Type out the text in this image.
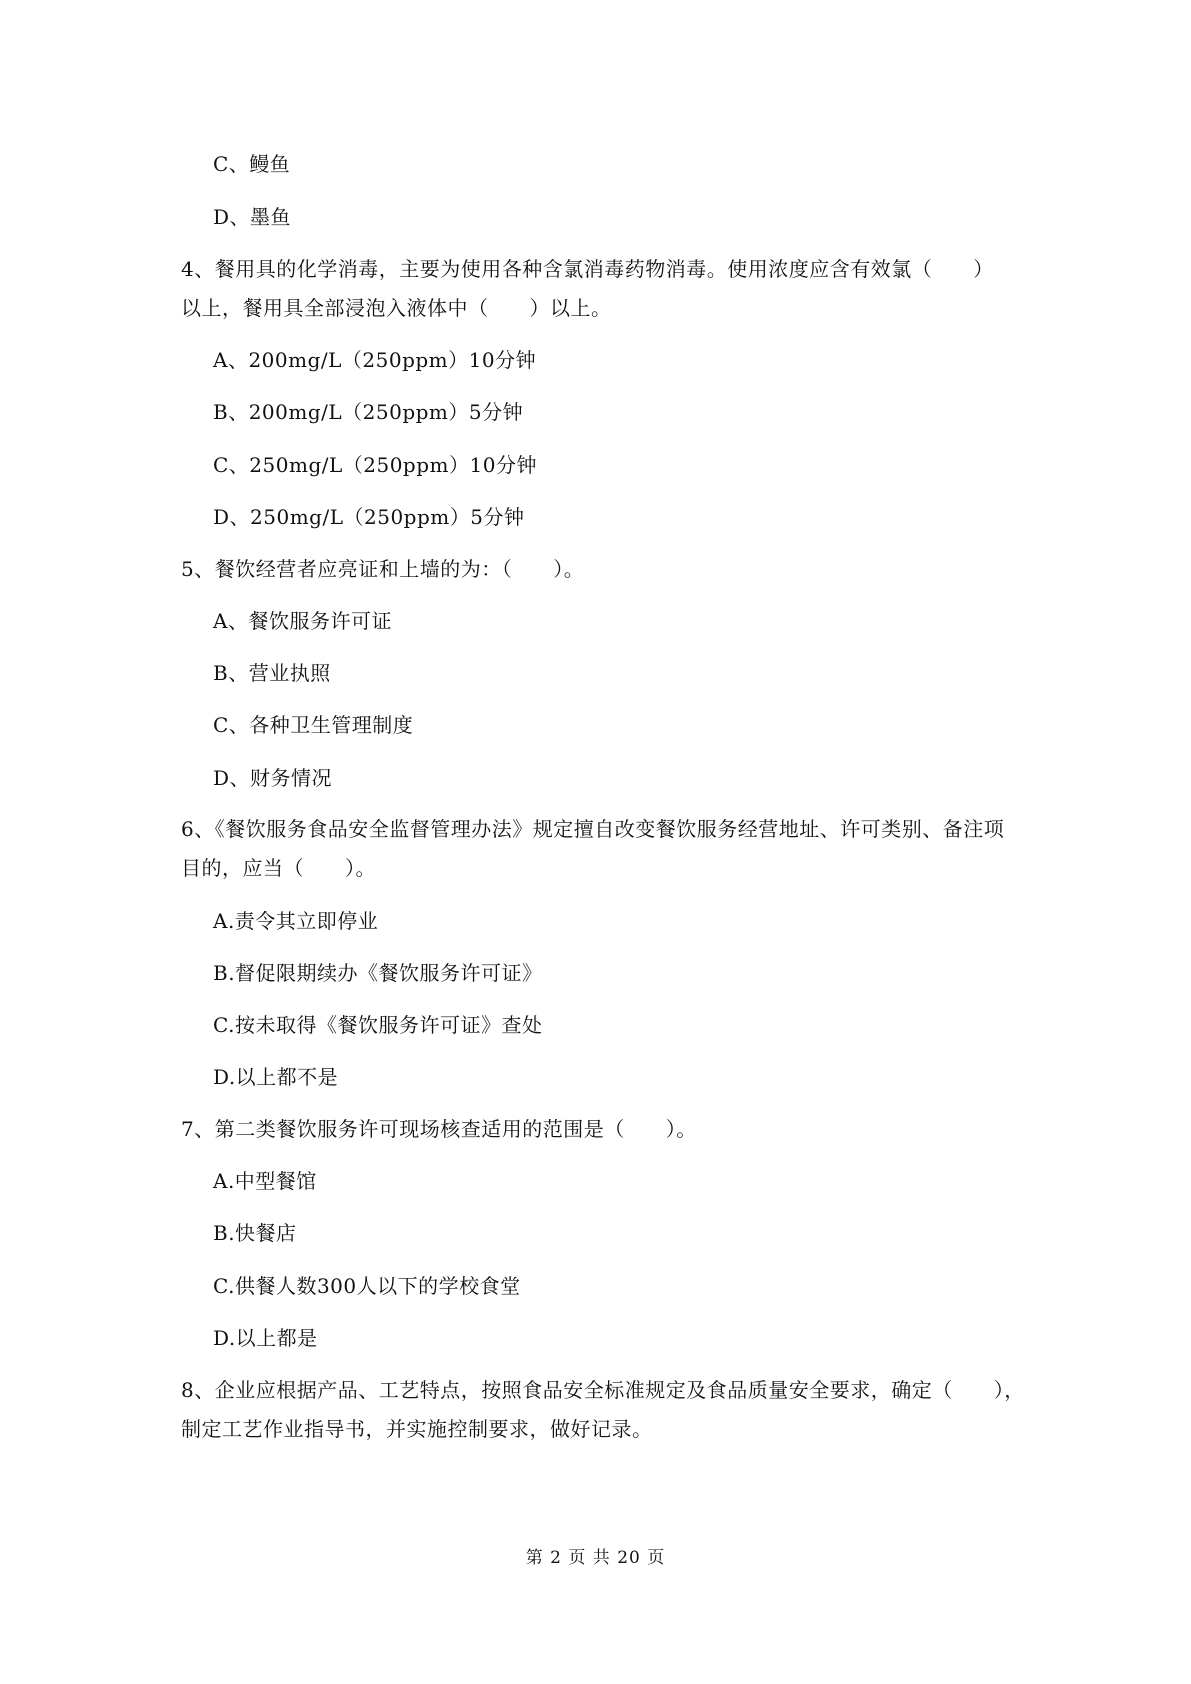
C、鳗鱼
D、墨鱼
4、餐用具的化学消毒，主要为使用各种含氯消毒药物消毒。使用浓度应含有效氯（　　）
以上，餐用具全部浸泡入液体中（　　）以上。
A、200mg/L（250ppm）10分钟
B、200mg/L（250ppm）5分钟
C、250mg/L（250ppm）10分钟
D、250mg/L（250ppm）5分钟
5、餐饮经营者应亮证和上墙的为：（　　）。
A、餐饮服务许可证
B、营业执照
C、各种卫生管理制度
D、财务情况
6、《餐饮服务食品安全监督管理办法》规定擅自改变餐饮服务经营地址、许可类别、备注项
目的，应当（　　）。
A.责令其立即停业
B.督促限期续办《餐饮服务许可证》
C.按未取得《餐饮服务许可证》查处
D.以上都不是
7、第二类餐饮服务许可现场核查适用的范围是（　　）。
A.中型餐馆
B.快餐店
C.供餐人数300人以下的学校食堂
D.以上都是
8、企业应根据产品、工艺特点，按照食品安全标准规定及食品质量安全要求，确定（　　），
制定工艺作业指导书，并实施控制要求，做好记录。
第 2 页 共 20 页
